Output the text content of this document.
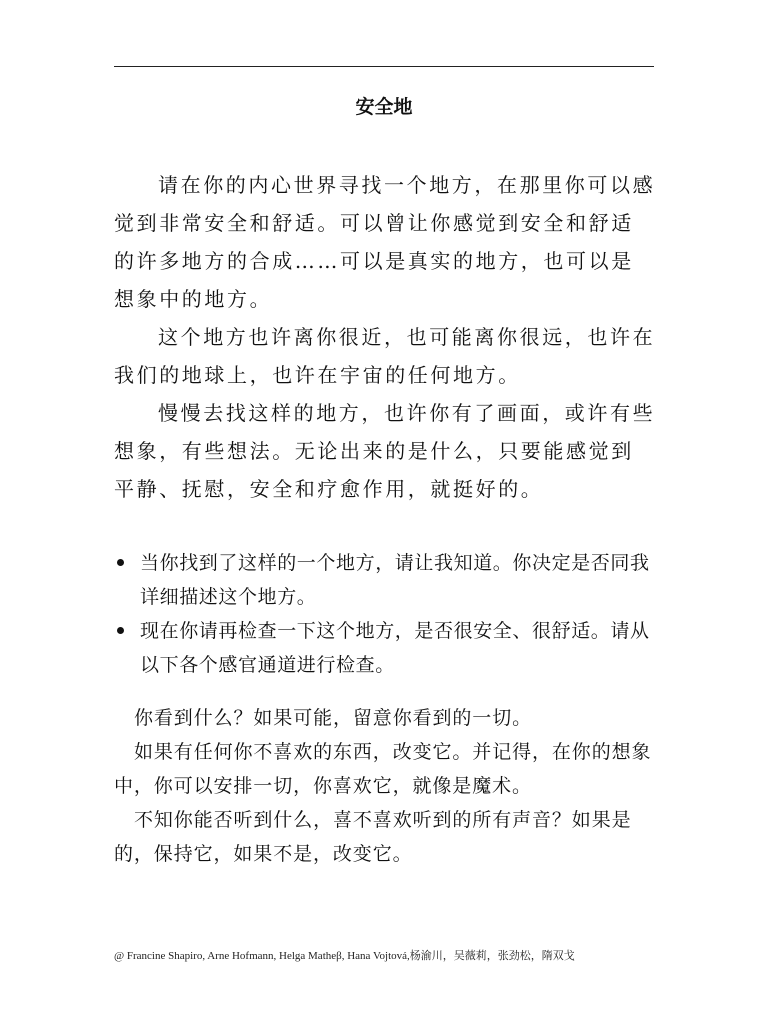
安全地

请在你的内心世界寻找一个地方，在那里你可以感觉到非常安全和舒适。可以曾让你感觉到安全和舒适的许多地方的合成……可以是真实的地方，也可以是想象中的地方。

这个地方也许离你很近，也可能离你很远，也许在我们的地球上，也许在宇宙的任何地方。

慢慢去找这样的地方，也许你有了画面，或许有些想象，有些想法。无论出来的是什么，只要能感觉到平静、抚慰，安全和疗愈作用，就挺好的。

当你找到了这样的一个地方，请让我知道。你决定是否同我详细描述这个地方。
现在你请再检查一下这个地方，是否很安全、很舒适。请从以下各个感官通道进行检查。

你看到什么？如果可能，留意你看到的一切。

如果有任何你不喜欢的东西，改变它。并记得，在你的想象中，你可以安排一切，你喜欢它，就像是魔术。

不知你能否听到什么，喜不喜欢听到的所有声音？如果是的，保持它，如果不是，改变它。

@ Francine Shapiro, Arne Hofmann, Helga Matheβ, Hana Vojtová,杨渝川，吴薇莉，张劲松，隋双戈
